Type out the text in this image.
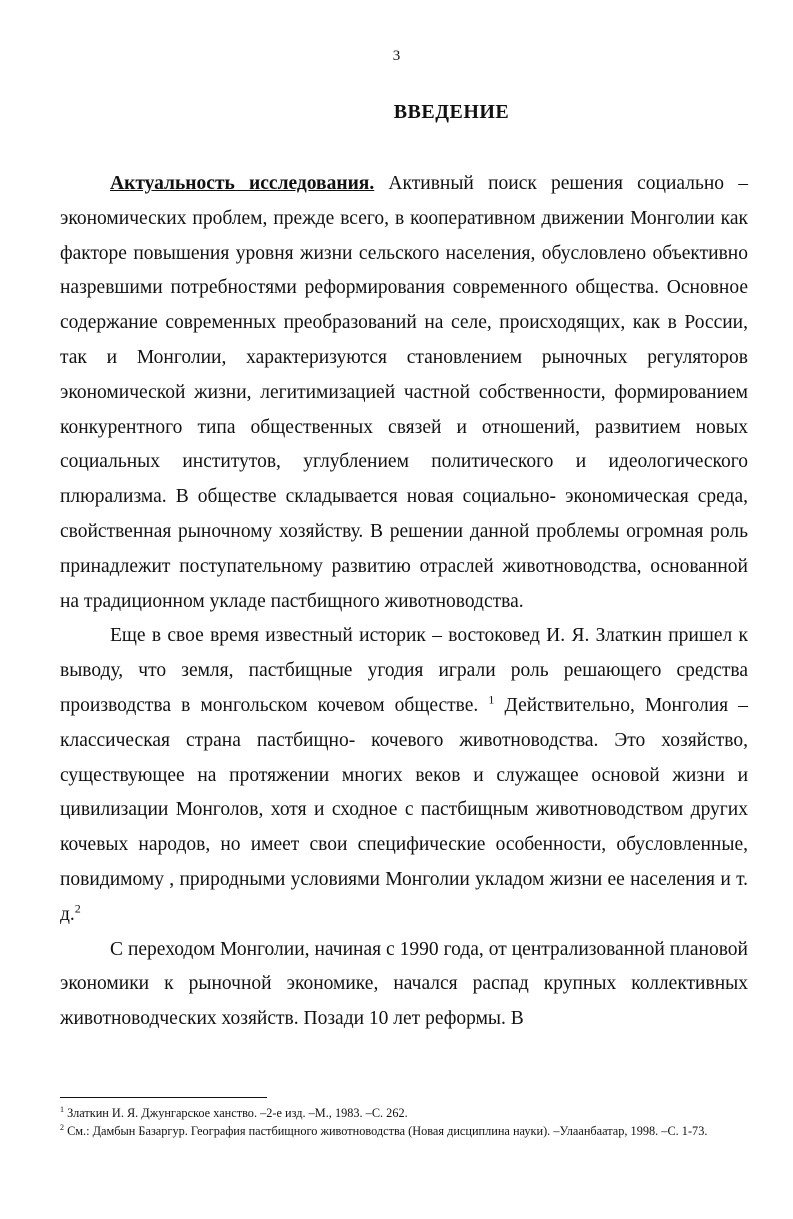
3
ВВЕДЕНИЕ

Актуальность исследования. Активный поиск решения социально – экономических проблем, прежде всего, в кооперативном движении Монголии как факторе повышения уровня жизни сельского населения, обусловлено объективно назревшими потребностями реформирования современного общества. Основное содержание современных преобразований на селе, происходящих, как в России, так и Монголии, характеризуются становлением рыночных регуляторов экономической жизни, легитимизацией частной собственности, формированием конкурентного типа общественных связей и отношений, развитием новых социальных институтов, углублением политического и идеологического плюрализма. В обществе складывается новая социально- экономическая среда, свойственная рыночному хозяйству. В решении данной проблемы огромная роль принадлежит поступательному развитию отраслей животноводства, основанной на традиционном укладе пастбищного животноводства.

Еще в свое время известный историк – востоковед И. Я. Златкин пришел к выводу, что земля, пастбищные угодия играли роль решающего средства производства в монгольском кочевом обществе. $^1$ Действительно, Монголия – классическая страна пастбищно- кочевого животноводства. Это хозяйство, существующее на протяжении многих веков и служащее основой жизни и цивилизации Монголов, хотя и сходное с пастбищным животноводством других кочевых народов, но имеет свои специфические особенности, обусловленные, повидимому , природными условиями Монголии укладом жизни ее населения и т. д.$^2$

С переходом Монголии, начиная с 1990 года, от централизованной плановой экономики к рыночной экономике, начался распад крупных коллективных животноводческих хозяйств. Позади 10 лет реформы. В

$^1$ Златкин И. Я. Джунгарское ханство. –2-е изд. –М., 1983. –С. 262.
$^2$ См.: Дамбын Базаргур. География пастбищного животноводства (Новая дисциплина науки). –Улаанбаатар, 1998. –С. 1-73.
